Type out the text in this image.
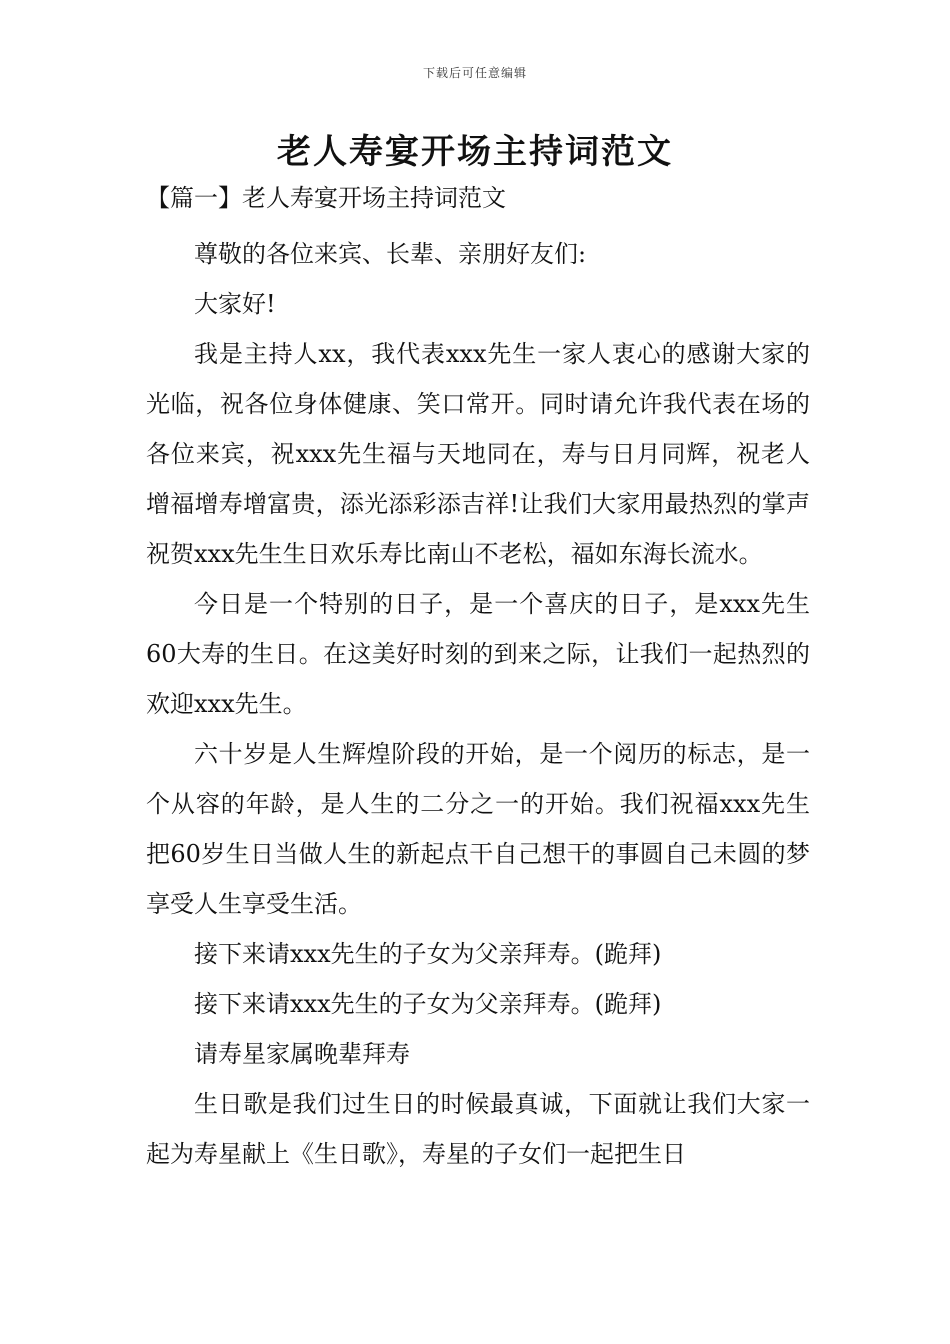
下载后可任意编辑
老人寿宴开场主持词范文
【篇一】老人寿宴开场主持词范文

尊敬的各位来宾、长辈、亲朋好友们:

大家好!

我是主持人xx，我代表xxx先生一家人衷心的感谢大家的光临，祝各位身体健康、笑口常开。同时请允许我代表在场的各位来宾，祝xxx先生福与天地同在，寿与日月同辉，祝老人增福增寿增富贵，添光添彩添吉祥!让我们大家用最热烈的掌声祝贺xxx先生生日欢乐寿比南山不老松，福如东海长流水。

今日是一个特别的日子，是一个喜庆的日子，是xxx先生60大寿的生日。在这美好时刻的到来之际，让我们一起热烈的欢迎xxx先生。

六十岁是人生辉煌阶段的开始，是一个阅历的标志，是一个从容的年龄，是人生的二分之一的开始。我们祝福xxx先生把60岁生日当做人生的新起点干自己想干的事圆自己未圆的梦享受人生享受生活。

接下来请xxx先生的子女为父亲拜寿。(跪拜)

接下来请xxx先生的子女为父亲拜寿。(跪拜)

请寿星家属晚辈拜寿

生日歌是我们过生日的时候最真诚，下面就让我们大家一起为寿星献上《生日歌》，寿星的子女们一起把生日
